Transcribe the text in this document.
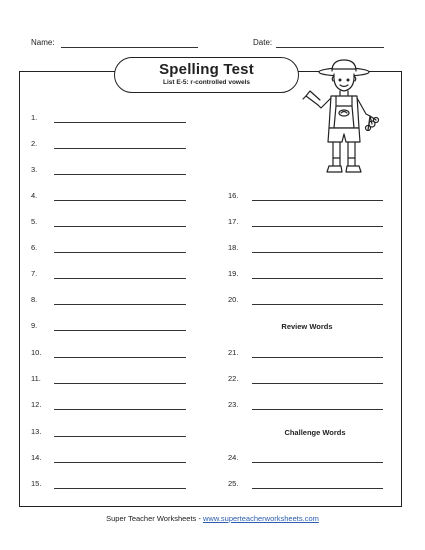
Name:	Date:
Spelling Test
List E-5: r-controlled vowels
1.
2.
3.
4.
5.
6.
7.
8.
9.
10.
11.
12.
13.
14.
15.
16.
17.
18.
19.
20.
Review Words
21.
22.
23.
Challenge Words
24.
25.
Super Teacher Worksheets - www.superteacherworksheets.com
